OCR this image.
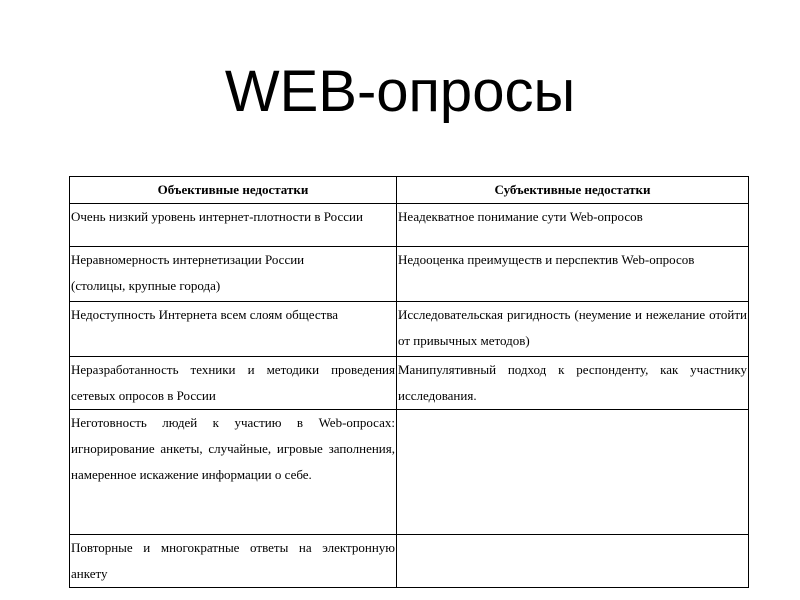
WEB-опросы
Объективные недостатки	Субъективные недостатки

Очень низкий уровень интернет-плотности в России	Неадекватное понимание сути Web-опросов

Неравномерность интернетизации России
(столицы, крупные города)	Недооценка преимуществ и перспектив Web-опросов

Недоступность Интернета всем слоям общества	Исследовательская ригидность (неумение и нежелание отойти от привычных методов)

Неразработанность техники и методики проведения сетевых опросов в России	Манипулятивный подход к респонденту, как участнику исследования.

Неготовность людей к участию в Web-опросах: игнорирование анкеты, случайные, игровые заполнения, намеренное искажение информации о себе.	

Повторные и многократные ответы на электронную анкету	
